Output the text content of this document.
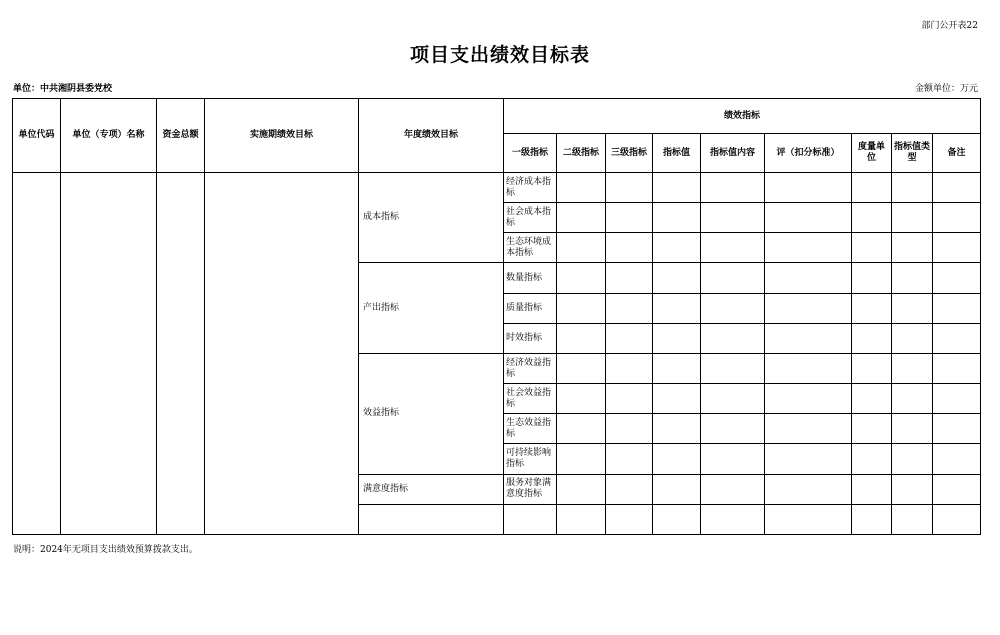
部门公开表22
项目支出绩效目标表
单位：中共湘阴县委党校	金额单位：万元
单位代码	单位（专项）名称	资金总额	实施期绩效目标	年度绩效目标	绩效指标								
					一级指标	二级指标	三级指标	指标值	指标值内容	评（扣分标准）	度量单位	指标值类型	备注
				成本指标	经济成本指标								
					社会成本指标								
					生态环境成本指标								
				产出指标	数量指标								
					质量指标								
					时效指标								
				效益指标	经济效益指标								
					社会效益指标								
					生态效益指标								
					可持续影响指标								
				满意度指标	服务对象满意度指标								

说明：2024年无项目支出绩效预算拨款支出。
